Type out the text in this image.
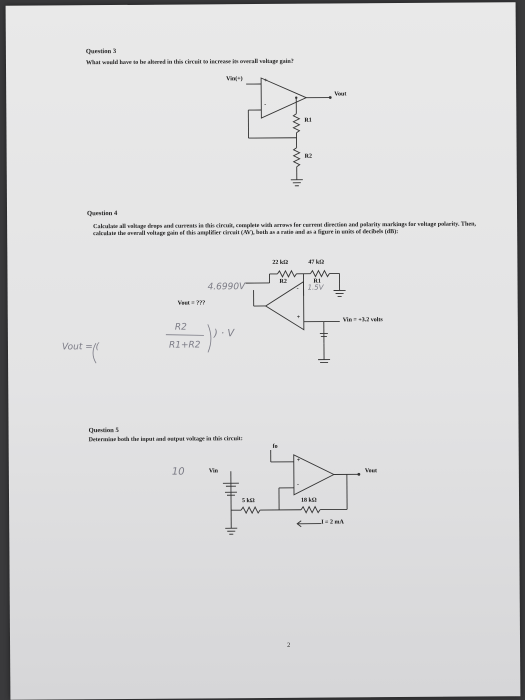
Question 3
What would have to be altered in this circuit to increase its overall voltage gain?
Question 4
Calculate all voltage drops and currents in this circuit, complete with arrows for current direction and polarity markings for voltage polarity. Then, calculate the overall voltage gain of this amplifier circuit (AV), both as a ratio and as a figure in units of decibels (dB):
Question 5
Determine both the input and output voltage in this circuit:
Vin(+)	+
-
Vout
R1
R2
22 kΩ	47 kΩ
R2	R1
Vout = ???
Vin = +3.2 volts
-
+
4.6990V	1.5V
Vout = (
R2
R1+R2
) · V
fo
+
-
Vout
Vin
5 kΩ	18 kΩ
I = 2 mA
10
2
